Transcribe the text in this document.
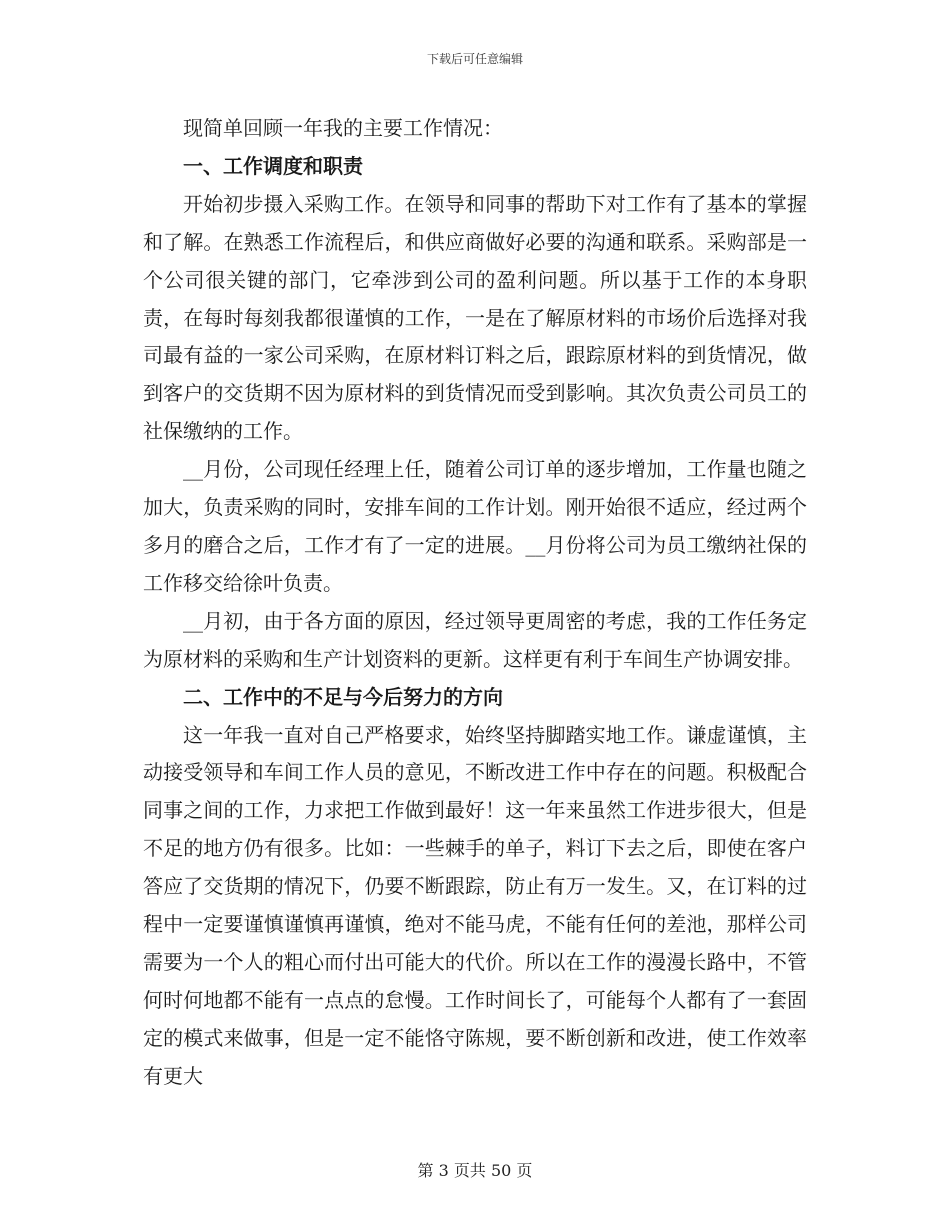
下载后可任意编辑

现简单回顾一年我的主要工作情况：

一、工作调度和职责

开始初步摄入采购工作。在领导和同事的帮助下对工作有了基本的掌握和了解。在熟悉工作流程后，和供应商做好必要的沟通和联系。采购部是一个公司很关键的部门，它牵涉到公司的盈利问题。所以基于工作的本身职责，在每时每刻我都很谨慎的工作，一是在了解原材料的市场价后选择对我司最有益的一家公司采购，在原材料订料之后，跟踪原材料的到货情况，做到客户的交货期不因为原材料的到货情况而受到影响。其次负责公司员工的社保缴纳的工作。

__月份，公司现任经理上任，随着公司订单的逐步增加，工作量也随之加大，负责采购的同时，安排车间的工作计划。刚开始很不适应，经过两个多月的磨合之后，工作才有了一定的进展。__月份将公司为员工缴纳社保的工作移交给徐叶负责。

__月初，由于各方面的原因，经过领导更周密的考虑，我的工作任务定为原材料的采购和生产计划资料的更新。这样更有利于车间生产协调安排。

二、工作中的不足与今后努力的方向

这一年我一直对自己严格要求，始终坚持脚踏实地工作。谦虚谨慎，主动接受领导和车间工作人员的意见，不断改进工作中存在的问题。积极配合同事之间的工作，力求把工作做到最好！这一年来虽然工作进步很大，但是不足的地方仍有很多。比如：一些棘手的单子，料订下去之后，即使在客户答应了交货期的情况下，仍要不断跟踪，防止有万一发生。又，在订料的过程中一定要谨慎谨慎再谨慎，绝对不能马虎，不能有任何的差池，那样公司需要为一个人的粗心而付出可能大的代价。所以在工作的漫漫长路中，不管何时何地都不能有一点点的怠慢。工作时间长了，可能每个人都有了一套固定的模式来做事，但是一定不能恪守陈规，要不断创新和改进，使工作效率有更大

第 3 页共 50 页
